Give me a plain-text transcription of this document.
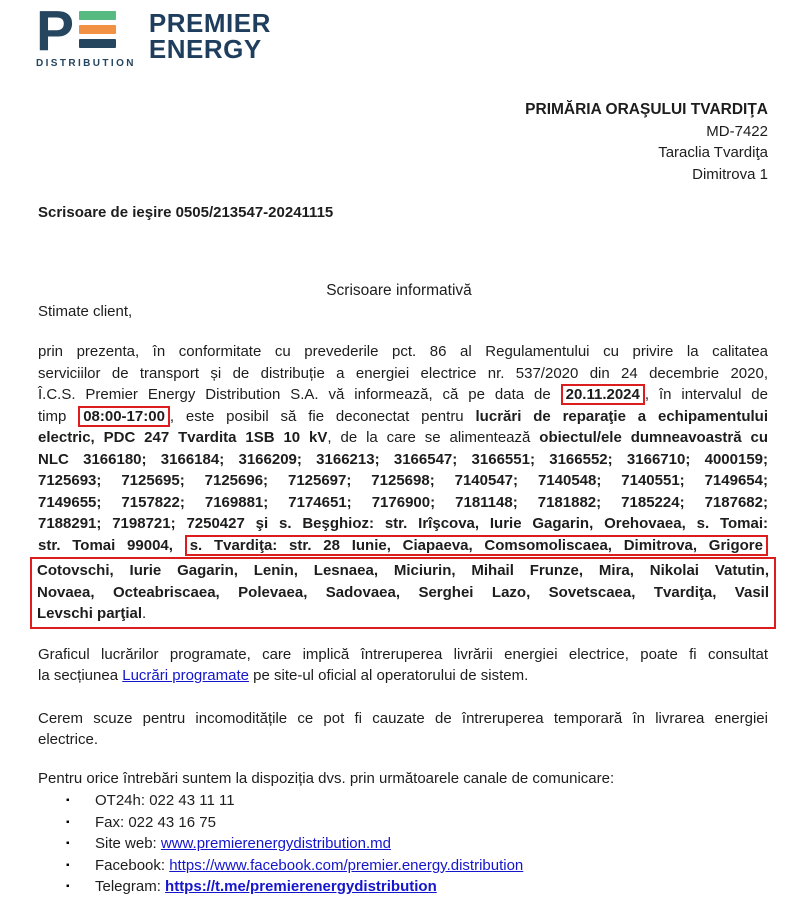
P
DISTRIBUTION
PREMIER
ENERGY
PRIMĂRIA ORAŞULUI TVARDIŢA
MD-7422
Taraclia Tvardiţa
Dimitrova 1
Scrisoare de ieşire 0505/213547-20241115
Scrisoare informativă
Stimate client,
prin prezenta, în conformitate cu prevederile pct. 86 al Regulamentului cu privire la calitatea
serviciilor de transport și de distribuție a energiei electrice nr. 537/2020 din 24 decembrie 2020,
Î.C.S. Premier Energy Distribution S.A. vă informează, că pe data de 20.11.2024 , în intervalul de
timp 08:00-17:00 , este posibil să fie deconectat pentru lucrări de reparaţie a echipamentului
electric, PDC 247 Tvardita 1SB 10 kV, de la care se alimentează obiectul/ele dumneavoastră cu
NLC 3166180; 3166184; 3166209; 3166213; 3166547; 3166551; 3166552; 3166710; 4000159;
7125693; 7125695; 7125696; 7125697; 7125698; 7140547; 7140548; 7140551; 7149654;
7149655; 7157822; 7169881; 7174651; 7176900; 7181148; 7181882; 7185224; 7187682;
7188291; 7198721; 7250427 şi s. Beşghioz: str. Irîşcova, Iurie Gagarin, Orehovaea, s. Tomai:
str. Tomai 99004, s. Tvardiţa: str. 28 Iunie, Ciapaeva, Comsomoliscaea, Dimitrova, Grigore
Cotovschi, Iurie Gagarin, Lenin, Lesnaea, Miciurin, Mihail Frunze, Mira, Nikolai Vatutin,
Novaea, Octeabriscaea, Polevaea, Sadovaea, Serghei Lazo, Sovetscaea, Tvardiţa, Vasil
Levschi parţial.
Graficul lucrărilor programate, care implică întreruperea livrării energiei electrice, poate fi consultat
la secțiunea Lucrări programate pe site-ul oficial al operatorului de sistem.
Cerem scuze pentru incomoditățile ce pot fi cauzate de întreruperea temporară în livrarea energiei
electrice.
Pentru orice întrebări suntem la dispoziția dvs. prin următoarele canale de comunicare:
▪ OT24h: 022 43 11 11
▪ Fax: 022 43 16 75
▪ Site web: www.premierenergydistribution.md
▪ Facebook: https://www.facebook.com/premier.energy.distribution
▪ Telegram: https://t.me/premierenergydistribution
